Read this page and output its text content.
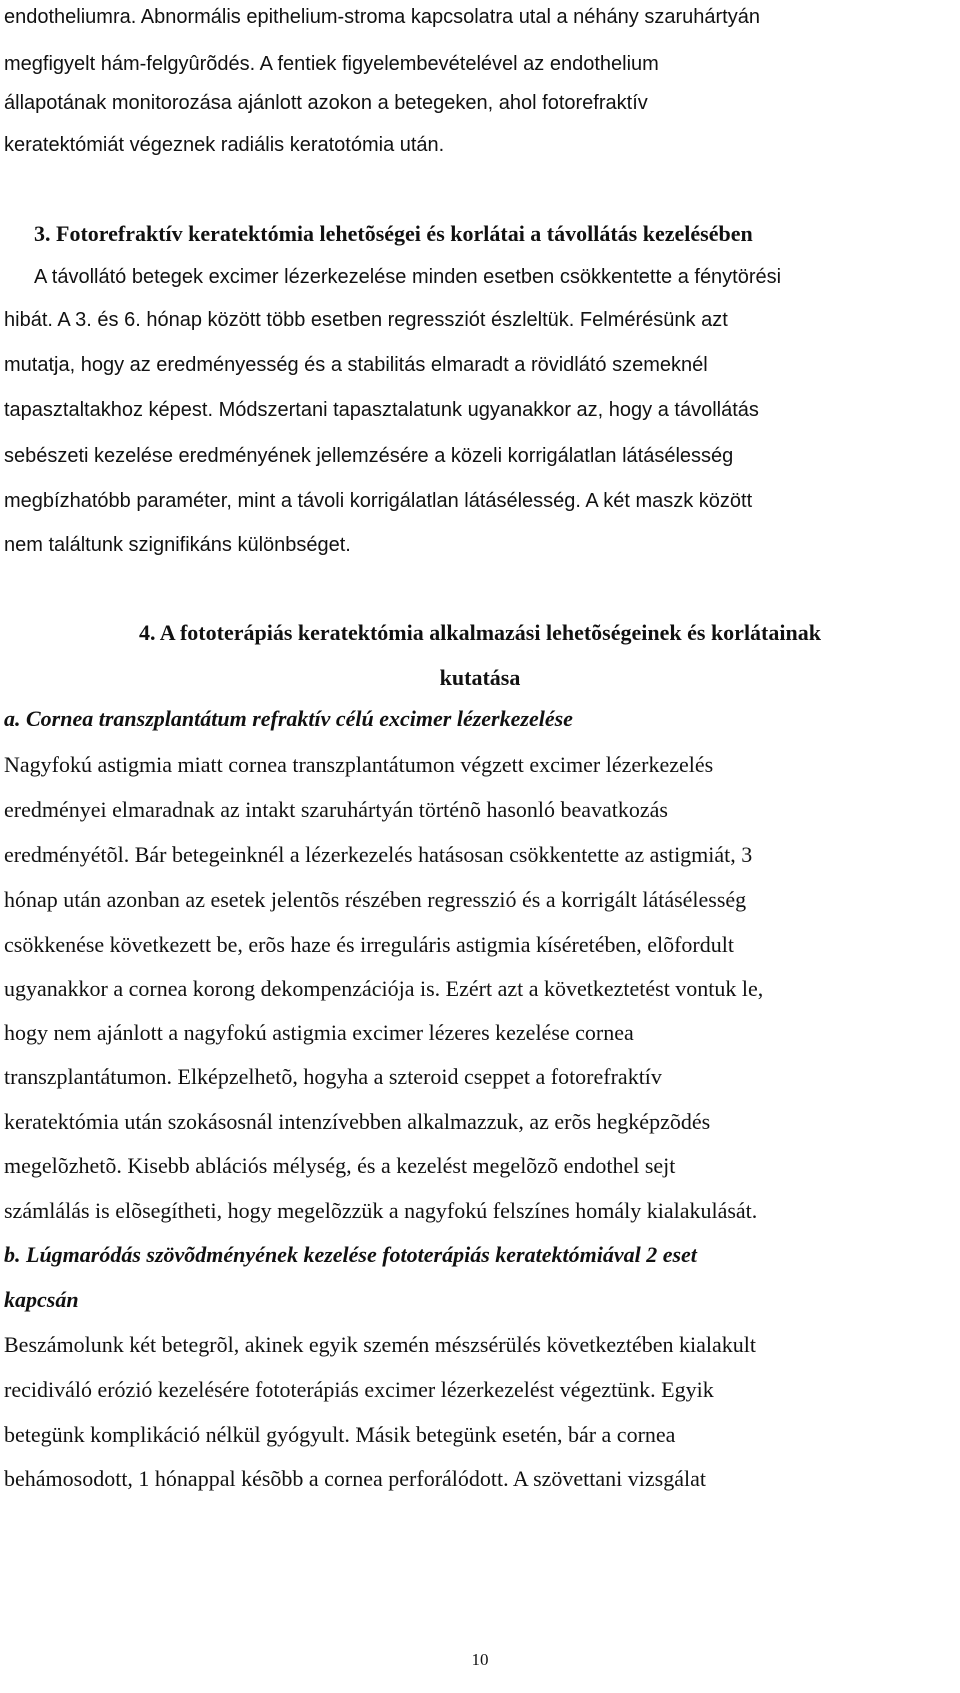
endotheliumra. Abnormális epithelium-stroma kapcsolatra utal a néhány szaruhártyán
megfigyelt hám-felgyûrõdés. A fentiek figyelembevételével az endothelium
állapotának monitorozása ajánlott azokon a betegeken, ahol fotorefraktív
keratektómiát végeznek radiális keratotómia után.
3. Fotorefraktív keratektómia lehetõségei és korlátai a távollátás kezelésében
A távollátó betegek excimer lézerkezelése minden esetben csökkentette a fénytörési
hibát. A 3. és 6. hónap között több esetben regressziót észleltük. Felmérésünk azt
mutatja, hogy az eredményesség és a stabilitás elmaradt a rövidlátó szemeknél
tapasztaltakhoz képest. Módszertani tapasztalatunk ugyanakkor az, hogy a távollátás
sebészeti kezelése eredményének jellemzésére a közeli korrigálatlan látásélesség
megbízhatóbb paraméter, mint a távoli korrigálatlan látásélesség. A két maszk között
nem találtunk szignifikáns különbséget.
4. A fototerápiás keratektómia alkalmazási lehetõségeinek és korlátainak
kutatása
a. Cornea transzplantátum refraktív célú excimer lézerkezelése
Nagyfokú astigmia miatt cornea transzplantátumon végzett excimer lézerkezelés
eredményei elmaradnak az intakt szaruhártyán történõ hasonló beavatkozás
eredményétõl. Bár betegeinknél a lézerkezelés hatásosan csökkentette az astigmiát, 3
hónap után azonban az esetek jelentõs részében regresszió és a korrigált látásélesség
csökkenése következett be, erõs haze és irreguláris astigmia kíséretében, elõfordult
ugyanakkor a cornea korong dekompenzációja is. Ezért azt a következtetést vontuk le,
hogy nem ajánlott a nagyfokú astigmia excimer lézeres kezelése cornea
transzplantátumon. Elképzelhetõ, hogyha a szteroid cseppet a fotorefraktív
keratektómia után szokásosnál intenzívebben alkalmazzuk, az erõs hegképzõdés
megelõzhetõ. Kisebb ablációs mélység, és a kezelést megelõzõ endothel sejt
számlálás is elõsegítheti, hogy megelõzzük a nagyfokú felszínes homály kialakulását.
b. Lúgmaródás szövõdményének kezelése fototerápiás keratektómiával 2 eset
kapcsán
Beszámolunk két betegrõl, akinek egyik szemén mészsérülés következtében kialakult
recidiváló erózió kezelésére fototerápiás excimer lézerkezelést végeztünk. Egyik
betegünk komplikáció nélkül gyógyult. Másik betegünk esetén, bár a cornea
behámosodott, 1 hónappal késõbb a cornea perforálódott. A szövettani vizsgálat
10
